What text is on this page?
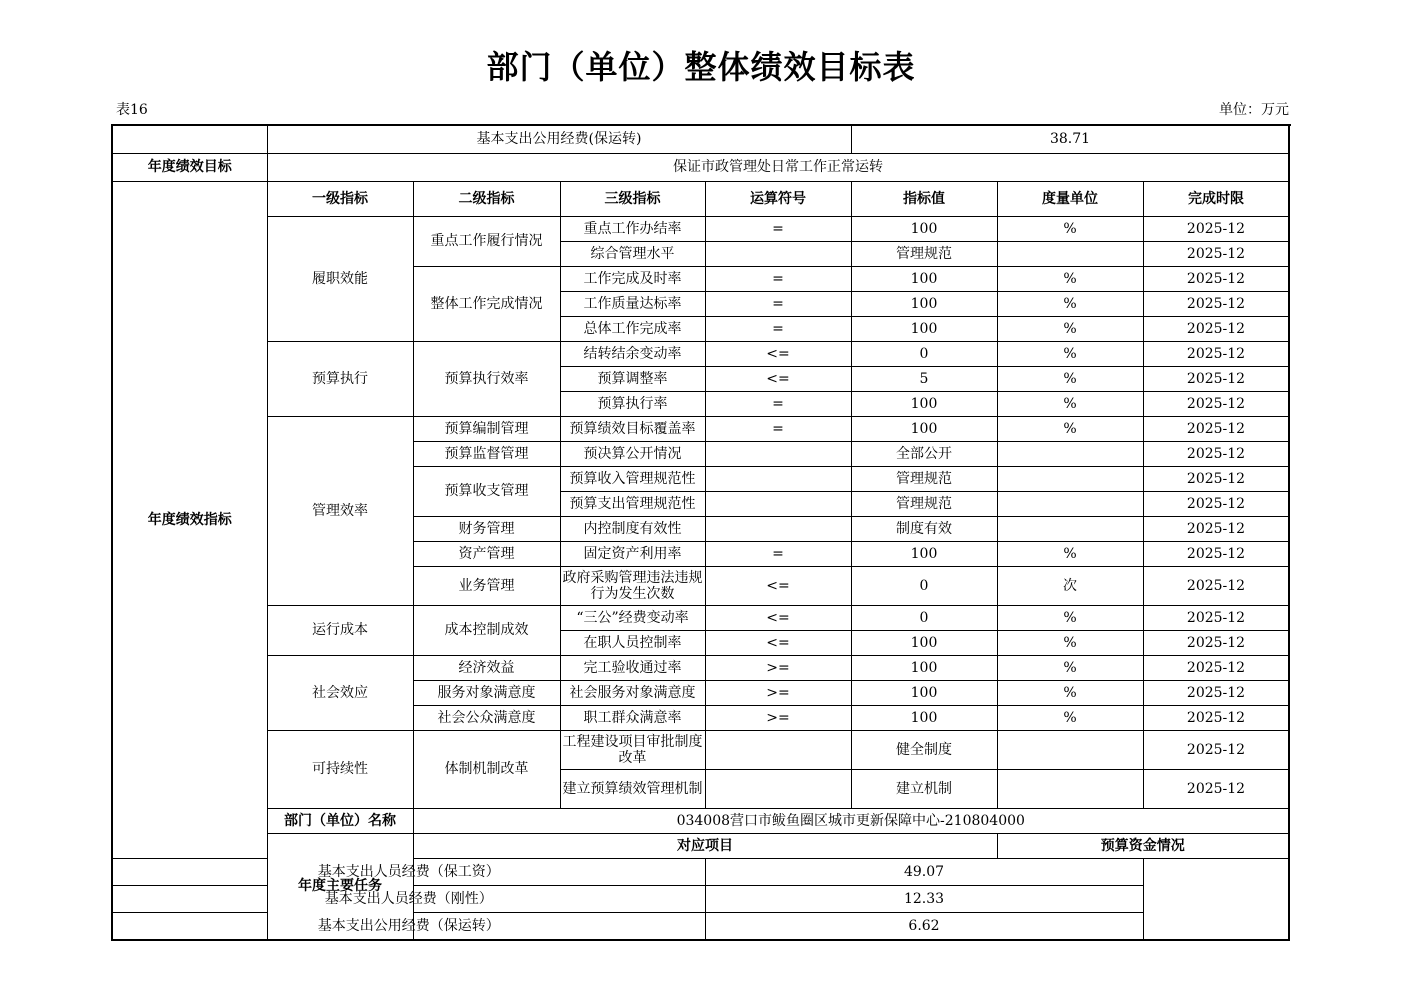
部门（单位）整体绩效目标表
表16	单位：万元
	基本支出公用经费(保运转)				38.71		
年度绩效目标	保证市政管理处日常工作正常运转						
年度绩效指标	一级指标	二级指标	三级指标	运算符号	指标值	度量单位	完成时限
	履职效能	重点工作履行情况	重点工作办结率	=	100	%	2025-12
			综合管理水平		管理规范		2025-12
		整体工作完成情况	工作完成及时率	=	100	%	2025-12
			工作质量达标率	=	100	%	2025-12
			总体工作完成率	=	100	%	2025-12
	预算执行	预算执行效率	结转结余变动率	<=	0	%	2025-12
			预算调整率	<=	5	%	2025-12
			预算执行率	=	100	%	2025-12
	管理效率	预算编制管理	预算绩效目标覆盖率	=	100	%	2025-12
		预算监督管理	预决算公开情况		全部公开		2025-12
		预算收支管理	预算收入管理规范性		管理规范		2025-12
			预算支出管理规范性		管理规范		2025-12
		财务管理	内控制度有效性		制度有效		2025-12
		资产管理	固定资产利用率	=	100	%	2025-12
		业务管理	政府采购管理违法违规行为发生次数	<=	0	次	2025-12
	运行成本	成本控制成效	“三公”经费变动率	<=	0	%	2025-12
			在职人员控制率	<=	100	%	2025-12
	社会效应	经济效益	完工验收通过率	>=	100	%	2025-12
		服务对象满意度	社会服务对象满意度	>=	100	%	2025-12
		社会公众满意度	职工群众满意率	>=	100	%	2025-12
	可持续性	体制机制改革	工程建设项目审批制度改革		健全制度		2025-12
			建立预算绩效管理机制		建立机制		2025-12
	部门（单位）名称	034008营口市鲅鱼圈区城市更新保障中心-210804000					
	年度主要任务	对应项目				预算资金情况	
基本支出人员经费（保工资）				49.07			
基本支出人员经费（刚性）				12.33			
基本支出公用经费（保运转）				6.62			
